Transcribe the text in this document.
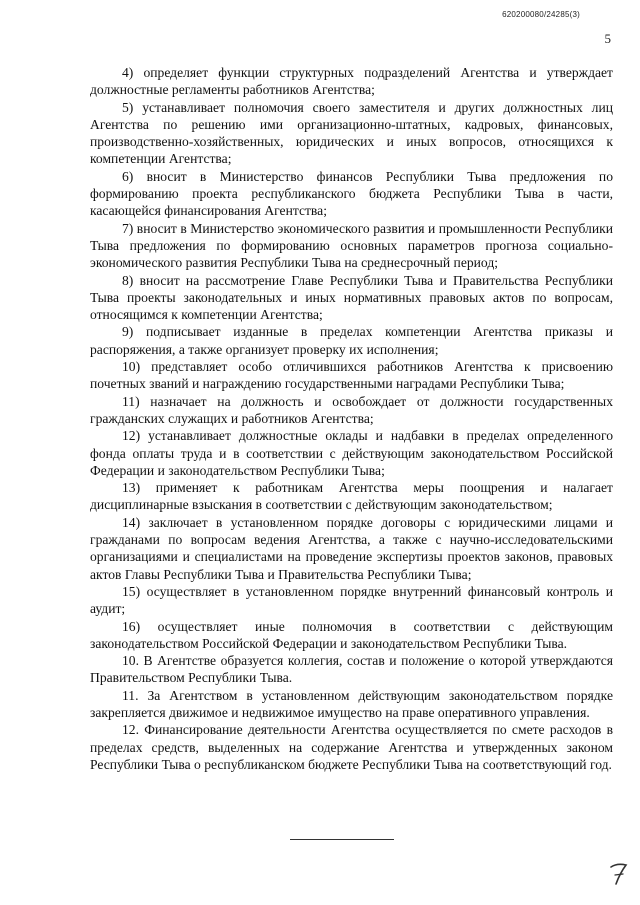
620200080/24285(3)
5

4) определяет функции структурных подразделений Агентства и утверждает должностные регламенты работников Агентства;

5) устанавливает полномочия своего заместителя и других должностных лиц Агентства по решению ими организационно-штатных, кадровых, финансовых, производственно-хозяйственных, юридических и иных вопросов, относящихся к компетенции Агентства;

6) вносит в Министерство финансов Республики Тыва предложения по формированию проекта республиканского бюджета Республики Тыва в части, касающейся финансирования Агентства;

7) вносит в Министерство экономического развития и промышленности Республики Тыва предложения по формированию основных параметров прогноза социально-экономического развития Республики Тыва на среднесрочный период;

8) вносит на рассмотрение Главе Республики Тыва и Правительства Республики Тыва проекты законодательных и иных нормативных правовых актов по вопросам, относящимся к компетенции Агентства;

9) подписывает изданные в пределах компетенции Агентства приказы и распоряжения, а также организует проверку их исполнения;

10) представляет особо отличившихся работников Агентства к присвоению почетных званий и награждению государственными наградами Республики Тыва;

11) назначает на должность и освобождает от должности государственных гражданских служащих и работников Агентства;

12) устанавливает должностные оклады и надбавки в пределах определенного фонда оплаты труда и в соответствии с действующим законодательством Российской Федерации и законодательством Республики Тыва;

13) применяет к работникам Агентства меры поощрения и налагает дисциплинарные взыскания в соответствии с действующим законодательством;

14) заключает в установленном порядке договоры с юридическими лицами и гражданами по вопросам ведения Агентства, а также с научно-исследовательскими организациями и специалистами на проведение экспертизы проектов законов, правовых актов Главы Республики Тыва и Правительства Республики Тыва;

15) осуществляет в установленном порядке внутренний финансовый контроль и аудит;

16) осуществляет иные полномочия в соответствии с действующим законодательством Российской Федерации и законодательством Республики Тыва.

10. В Агентстве образуется коллегия, состав и положение о которой утверждаются Правительством Республики Тыва.

11. За Агентством в установленном действующим законодательством порядке закрепляется движимое и недвижимое имущество на праве оперативного управления.

12. Финансирование деятельности Агентства осуществляется по смете расходов в пределах средств, выделенных на содержание Агентства и утвержденных законом Республики Тыва о республиканском бюджете Республики Тыва на соответствующий год.
